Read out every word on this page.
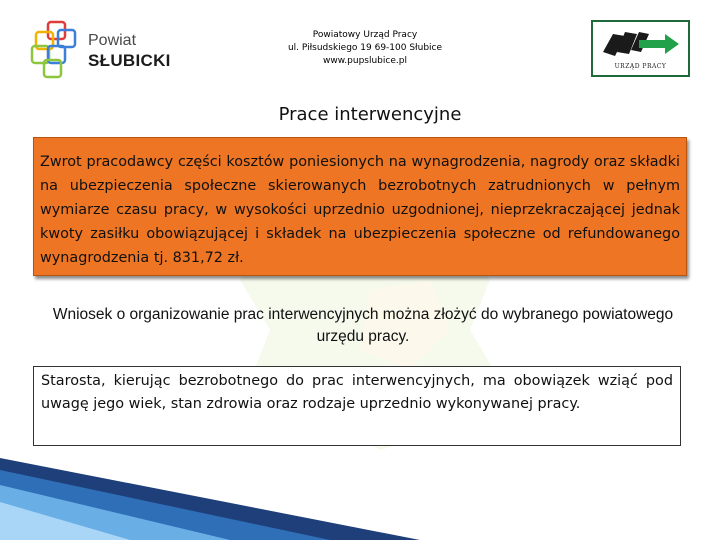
Powiat
SŁUBICKI
Powiatowy Urząd Pracy
ul. Piłsudskiego 19 69-100 Słubice
www.pupslubice.pl
URZĄD PRACY
Prace interwencyjne

Zwrot pracodawcy części kosztów poniesionych na wynagrodzenia, nagrody oraz składki na ubezpieczenia społeczne skierowanych bezrobotnych zatrudnionych w pełnym wymiarze czasu pracy, w wysokości uprzednio uzgodnionej, nieprzekraczającej jednak kwoty zasiłku obowiązującej i składek na ubezpieczenia społeczne od refundowanego wynagrodzenia tj. 831,72 zł.

Wniosek o organizowanie prac interwencyjnych można złożyć do wybranego powiatowego urzędu pracy.

Starosta, kierując bezrobotnego do prac interwencyjnych, ma obowiązek wziąć pod uwagę jego wiek, stan zdrowia oraz rodzaje uprzednio wykonywanej pracy.
